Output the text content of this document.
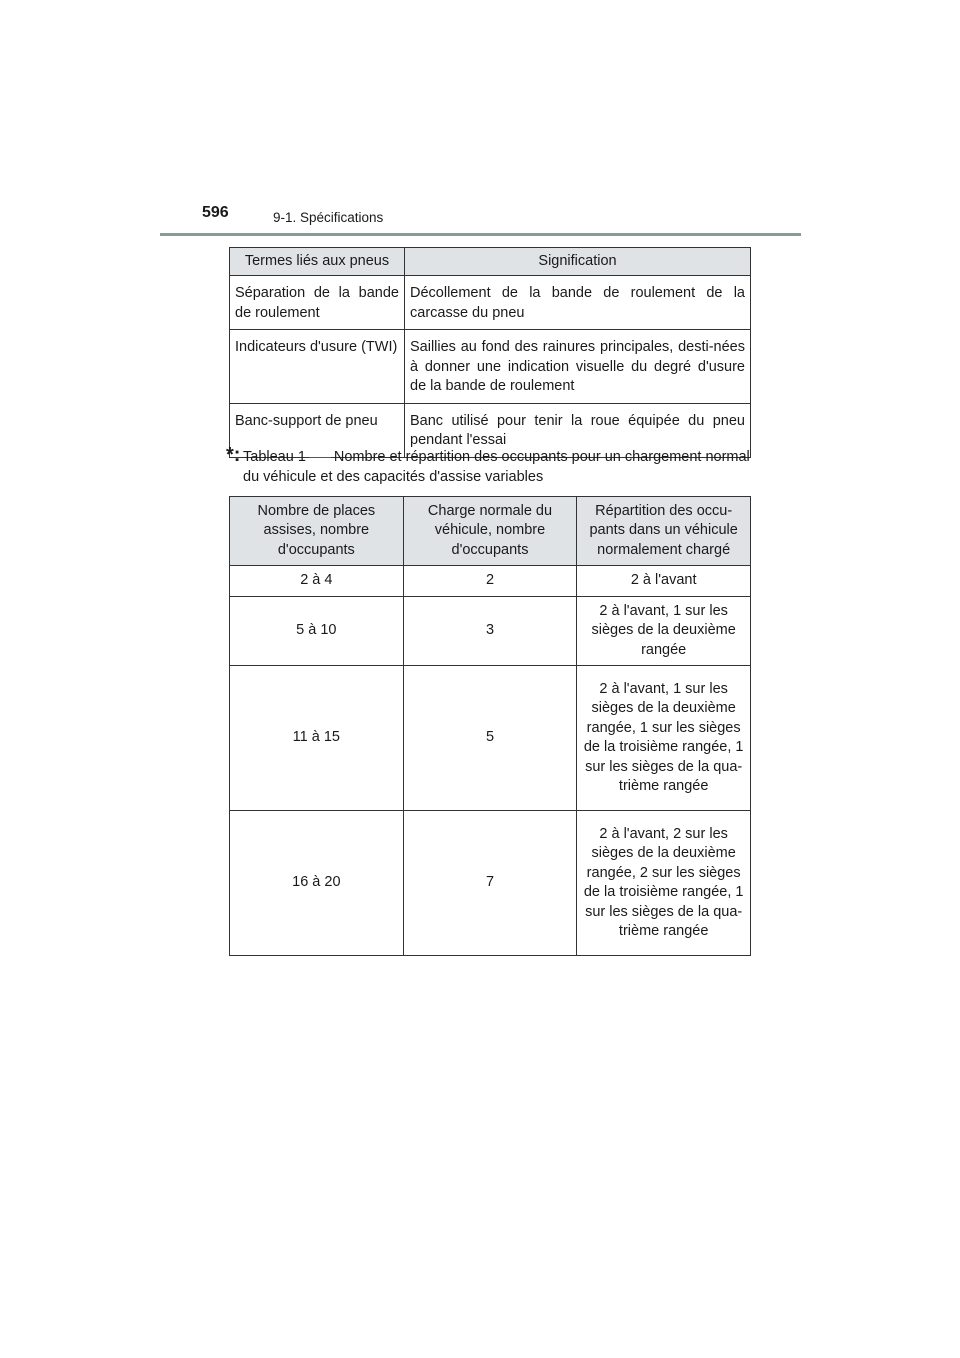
596	9-1. Spécifications
Termes liés aux pneus	Signification
Séparation de la bande de roulement	Décollement de la bande de roulement de la carcasse du pneu
Indicateurs d'usure (TWI)	Saillies au fond des rainures principales, desti-nées à donner une indication visuelle du degré d'usure de la bande de roulement
Banc-support de pneu	Banc utilisé pour tenir la roue équipée du pneu pendant l'essai
*: Tableau 1 Nombre et répartition des occupants pour un chargement normal du véhicule et des capacités d'assise variables
Nombre de places assises, nombre d'occupants	Charge normale du véhicule, nombre d'occupants	Répartition des occu-pants dans un véhicule normalement chargé
2 à 4	2	2 à l'avant
5 à 10	3	2 à l'avant, 1 sur les sièges de la deuxième rangée
11 à 15	5	2 à l'avant, 1 sur les sièges de la deuxième rangée, 1 sur les sièges de la troisième rangée, 1 sur les sièges de la qua-trième rangée
16 à 20	7	2 à l'avant, 2 sur les sièges de la deuxième rangée, 2 sur les sièges de la troisième rangée, 1 sur les sièges de la qua-trième rangée
